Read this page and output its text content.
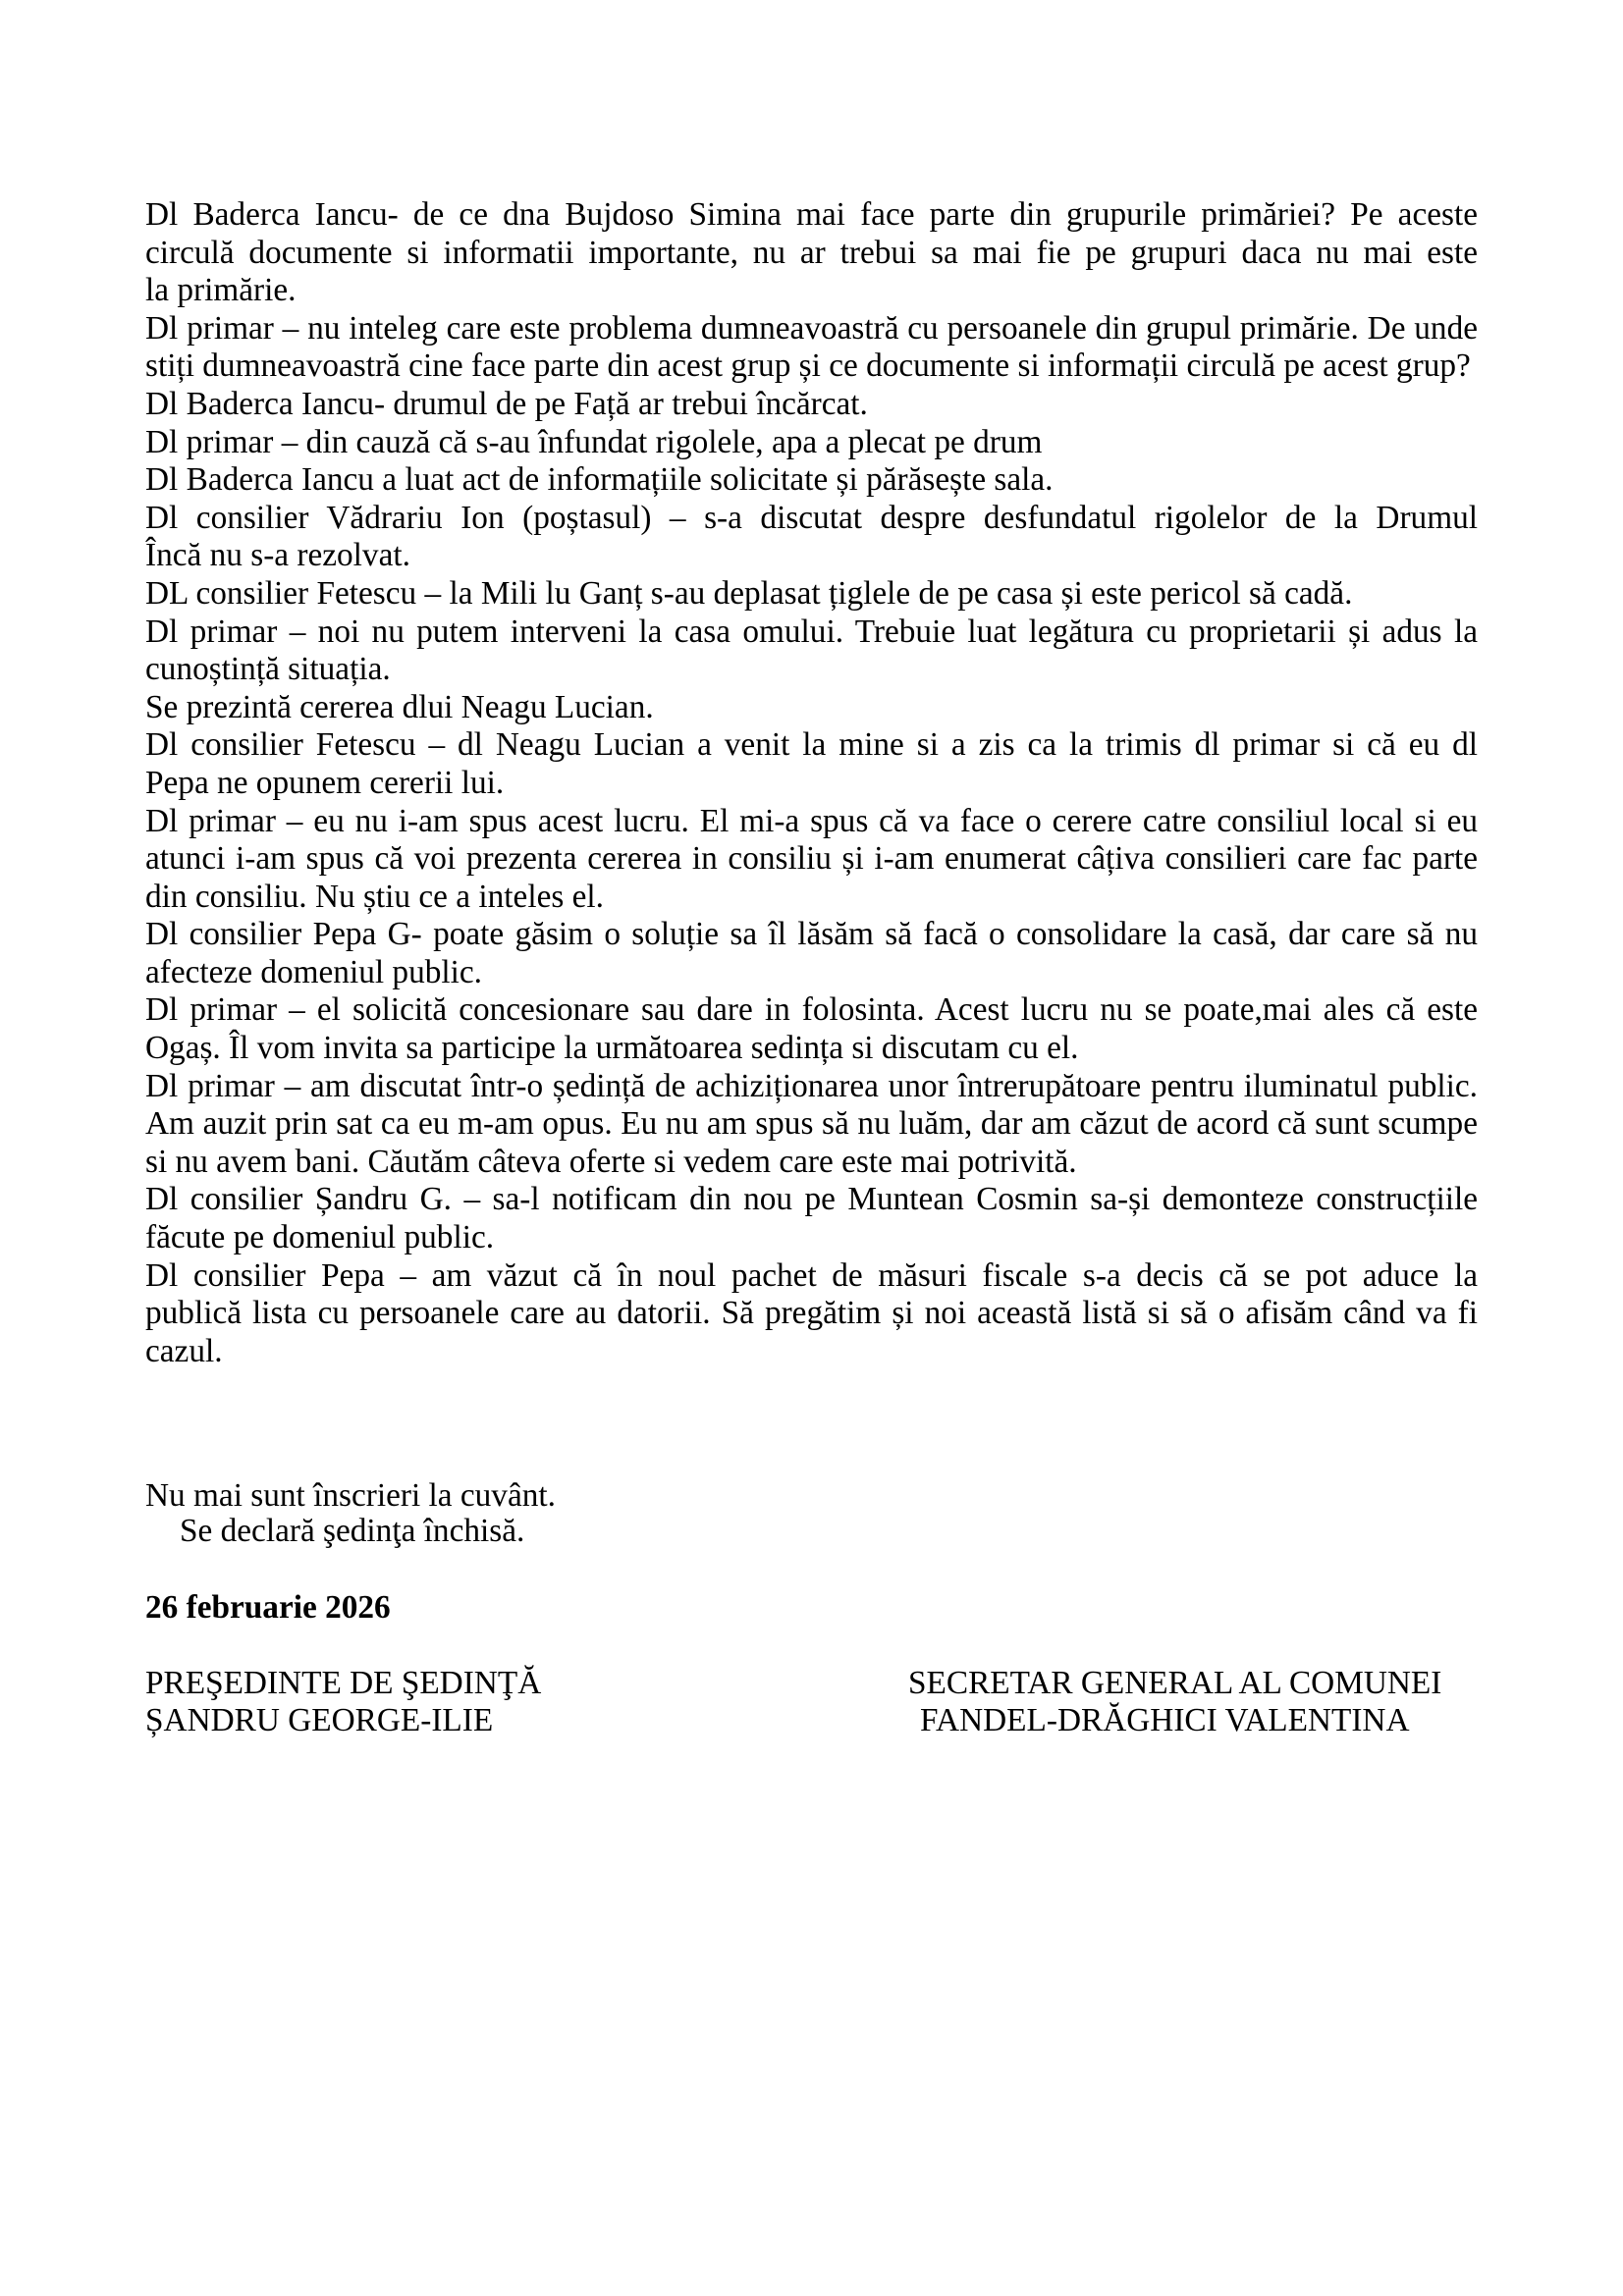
Dl Baderca Iancu- de ce dna Bujdoso Simina mai face parte din grupurile primăriei? Pe aceste
circulă documente si informatii importante, nu ar trebui sa mai fie pe grupuri daca nu mai este
la primărie.
Dl primar – nu inteleg care este problema dumneavoastră cu persoanele din grupul primărie. De unde
stiți dumneavoastră cine face parte din acest grup și ce documente si informații circulă pe acest grup?
Dl Baderca Iancu- drumul de pe Față ar trebui încărcat.
Dl primar – din cauză că s-au înfundat rigolele, apa a plecat pe drum
Dl Baderca Iancu a luat act de informațiile solicitate și părăsește sala.
Dl consilier Vădrariu Ion (poștasul) – s-a discutat despre desfundatul rigolelor de la Drumul
Încă nu s-a rezolvat.
DL consilier Fetescu – la Mili lu Ganț s-au deplasat țiglele de pe casa și este pericol să cadă.
Dl primar – noi nu putem interveni la casa omului. Trebuie luat legătura cu proprietarii și adus la
cunoștință situația.
Se prezintă cererea dlui Neagu Lucian.
Dl consilier Fetescu – dl Neagu Lucian a venit la mine si a zis ca la trimis dl primar si că eu dl
Pepa ne opunem cererii lui.
Dl primar – eu nu i-am spus acest lucru. El mi-a spus că va face o cerere catre consiliul local si eu
atunci i-am spus că voi prezenta cererea in consiliu și i-am enumerat câțiva consilieri care fac parte
din consiliu. Nu știu ce a inteles el.
Dl consilier Pepa G- poate găsim o soluție sa îl lăsăm să facă o consolidare la casă, dar care să nu
afecteze domeniul public.
Dl primar – el solicită concesionare sau dare in folosinta. Acest lucru nu se poate,mai ales că este
Ogaș. Îl vom invita sa participe la următoarea sedința si discutam cu el.
Dl primar – am discutat într-o ședință de achiziționarea unor întrerupătoare pentru iluminatul public.
Am auzit prin sat ca eu m-am opus. Eu nu am spus să nu luăm, dar am căzut de acord că sunt scumpe
si nu avem bani. Căutăm câteva oferte si vedem care este mai potrivită.
Dl consilier Șandru G. – sa-l notificam din nou pe Muntean Cosmin sa-și demonteze construcțiile
făcute pe domeniul public.
Dl consilier Pepa – am văzut că în noul pachet de măsuri fiscale s-a decis că se pot aduce la
publică lista cu persoanele care au datorii. Să pregătim și noi această listă si să o afisăm când va fi
cazul.
Nu mai sunt înscrieri la cuvânt.
Se declară şedinţa închisă.
26 februarie 2026
PREŞEDINTE DE ŞEDINŢĂ
ȘANDRU GEORGE-ILIE
SECRETAR GENERAL AL COMUNEI
FANDEL-DRĂGHICI VALENTINA
